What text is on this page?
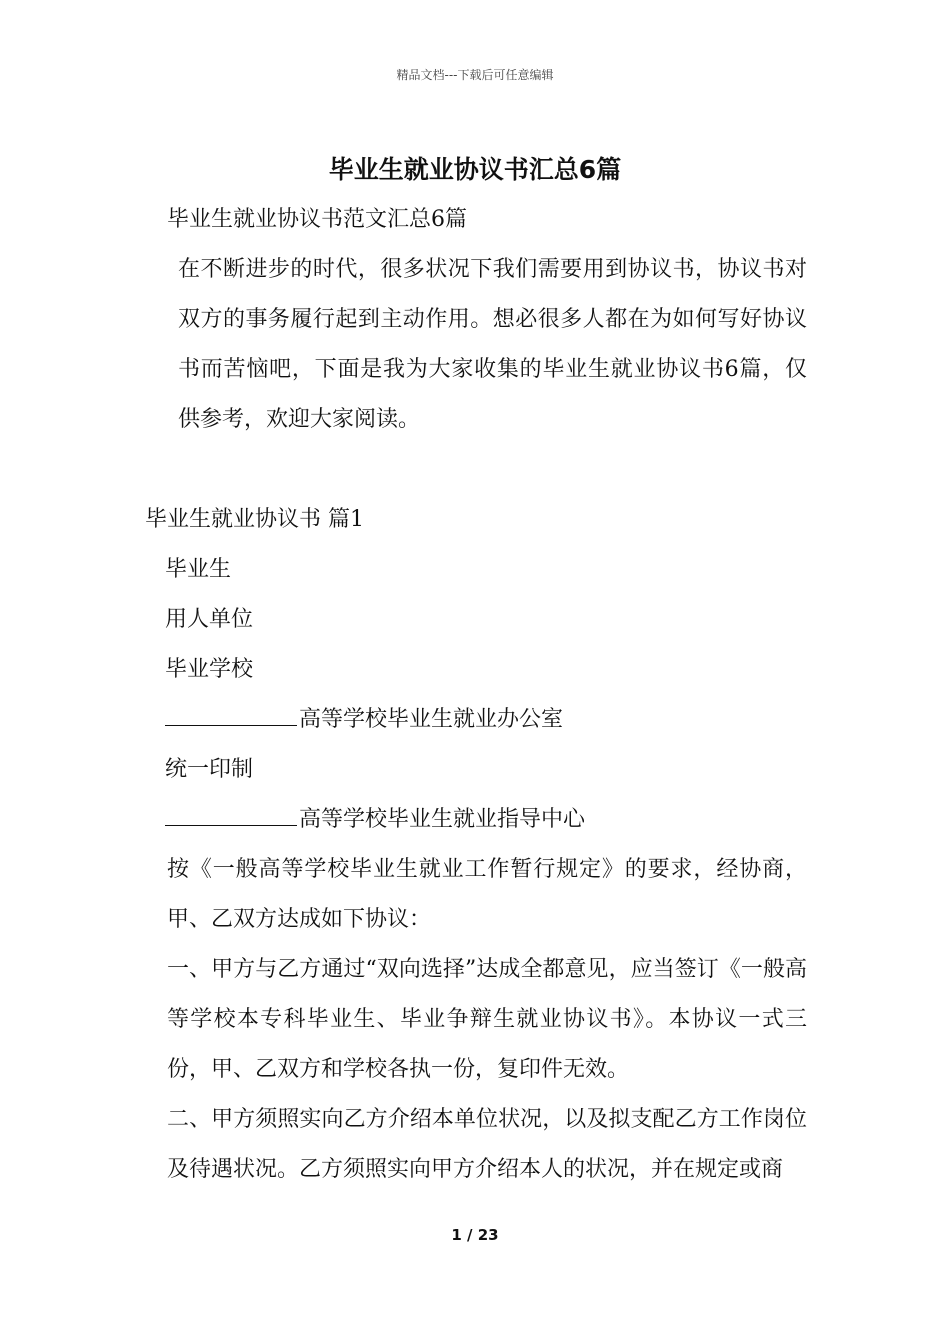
精品文档---下载后可任意编辑
毕业生就业协议书汇总6篇

毕业生就业协议书范文汇总6篇

在不断进步的时代，很多状况下我们需要用到协议书，协议书对双方的事务履行起到主动作用。想必很多人都在为如何写好协议书而苦恼吧，下面是我为大家收集的毕业生就业协议书6篇，仅供参考，欢迎大家阅读。

毕业生就业协议书 篇1

毕业生

用人单位

毕业学校

高等学校毕业生就业办公室

统一印制

高等学校毕业生就业指导中心

按《一般高等学校毕业生就业工作暂行规定》的要求，经协商，甲、乙双方达成如下协议：

一、甲方与乙方通过“双向选择”达成全都意见，应当签订《一般高等学校本专科毕业生、毕业争辩生就业协议书》。本协议一式三份，甲、乙双方和学校各执一份，复印件无效。

二、甲方须照实向乙方介绍本单位状况，以及拟支配乙方工作岗位及待遇状况。乙方须照实向甲方介绍本人的状况，并在规定或商

1 / 23
